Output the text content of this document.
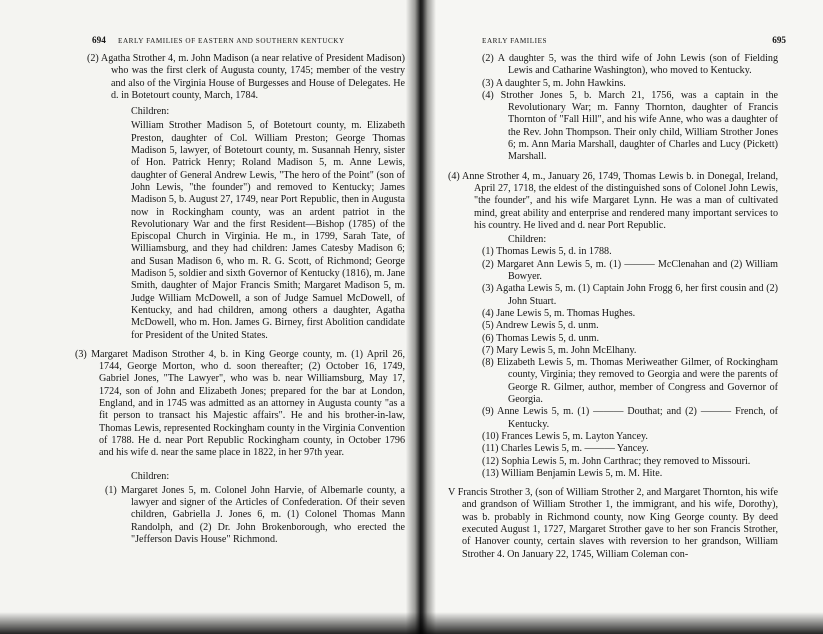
694 EARLY FAMILIES OF EASTERN AND SOUTHERN KENTUCKY

(2) Agatha Strother 4, m. John Madison (a near relative of President Madison) who was the first clerk of Augusta county, 1745; member of the vestry and also of the Virginia House of Burgesses and House of Delegates. He d. in Botetourt county, March, 1784.

Children:

William Strother Madison 5, of Botetourt county, m. Elizabeth Preston, daughter of Col. William Preston; George Thomas Madison 5, lawyer, of Botetourt county, m. Susannah Henry, sister of Hon. Patrick Henry; Roland Madison 5, m. Anne Lewis, daughter of General Andrew Lewis, "The hero of the Point" (son of John Lewis, "the founder") and removed to Kentucky; James Madison 5, b. August 27, 1749, near Port Republic, then in Augusta now in Rockingham county, was an ardent patriot in the Revolutionary War and the first Resident—Bishop (1785) of the Episcopal Church in Virginia. He m., in 1799, Sarah Tate, of Williamsburg, and they had children: James Catesby Madison 6; and Susan Madison 6, who m. R. G. Scott, of Richmond; George Madison 5, soldier and sixth Governor of Kentucky (1816), m. Jane Smith, daughter of Major Francis Smith; Margaret Madison 5, m. Judge William McDowell, a son of Judge Samuel McDowell, of Kentucky, and had children, among others a daughter, Agatha McDowell, who m. Hon. James G. Birney, first Abolition candidate for President of the United States.

(3) Margaret Madison Strother 4, b. in King George county, m. (1) April 26, 1744, George Morton, who d. soon thereafter; (2) October 16, 1749, Gabriel Jones, "The Lawyer", who was b. near Williamsburg, May 17, 1724, son of John and Elizabeth Jones; prepared for the bar at London, England, and in 1745 was admitted as an attorney in Augusta county "as a fit person to transact his Majestic affairs". He and his brother-in-law, Thomas Lewis, represented Rockingham county in the Virginia Convention of 1788. He d. near Port Republic Rockingham county, in October 1796 and his wife d. near the same place in 1822, in her 97th year.

Children:

(1) Margaret Jones 5, m. Colonel John Harvie, of Albemarle county, a lawyer and signer of the Articles of Confederation. Of their seven children, Gabriella J. Jones 6, m. (1) Colonel Thomas Mann Randolph, and (2) Dr. John Brokenborough, who erected the "Jefferson Davis House" Richmond.

EARLY FAMILIES	695

(2) A daughter 5, was the third wife of John Lewis (son of Fielding Lewis and Catharine Washington), who moved to Kentucky.

(3) A daughter 5, m. John Hawkins.

(4) Strother Jones 5, b. March 21, 1756, was a captain in the Revolutionary War; m. Fanny Thornton, daughter of Francis Thornton of "Fall Hill", and his wife Anne, who was a daughter of the Rev. John Thompson. Their only child, William Strother Jones 6; m. Ann Maria Marshall, daughter of Charles and Lucy (Pickett) Marshall.

(4) Anne Strother 4, m., January 26, 1749, Thomas Lewis b. in Donegal, Ireland, April 27, 1718, the eldest of the distinguished sons of Colonel John Lewis, "the founder", and his wife Margaret Lynn. He was a man of cultivated mind, great ability and enterprise and rendered many important services to his country. He lived and d. near Port Republic.

Children:

(1) Thomas Lewis 5, d. in 1788.

(2) Margaret Ann Lewis 5, m. (1) ——— McClenahan and (2) William Bowyer.

(3) Agatha Lewis 5, m. (1) Captain John Frogg 6, her first cousin and (2) John Stuart.

(4) Jane Lewis 5, m. Thomas Hughes.

(5) Andrew Lewis 5, d. unm.

(6) Thomas Lewis 5, d. unm.

(7) Mary Lewis 5, m. John McElhany.

(8) Elizabeth Lewis 5, m. Thomas Meriweather Gilmer, of Rockingham county, Virginia; they removed to Georgia and were the parents of George R. Gilmer, author, member of Congress and Governor of Georgia.

(9) Anne Lewis 5, m. (1) ——— Douthat; and (2) ——— French, of Kentucky.

(10) Frances Lewis 5, m. Layton Yancey.

(11) Charles Lewis 5, m. ——— Yancey.

(12) Sophia Lewis 5, m. John Carthrac; they removed to Missouri.

(13) William Benjamin Lewis 5, m. M. Hite.

V Francis Strother 3, (son of William Strother 2, and Margaret Thornton, his wife and grandson of William Strother 1, the immigrant, and his wife, Dorothy), was b. probably in Richmond county, now King George county. By deed executed August 1, 1727, Margaret Strother gave to her son Francis Strother, of Hanover county, certain slaves with reversion to her grandson, William Strother 4. On January 22, 1745, William Coleman con-
